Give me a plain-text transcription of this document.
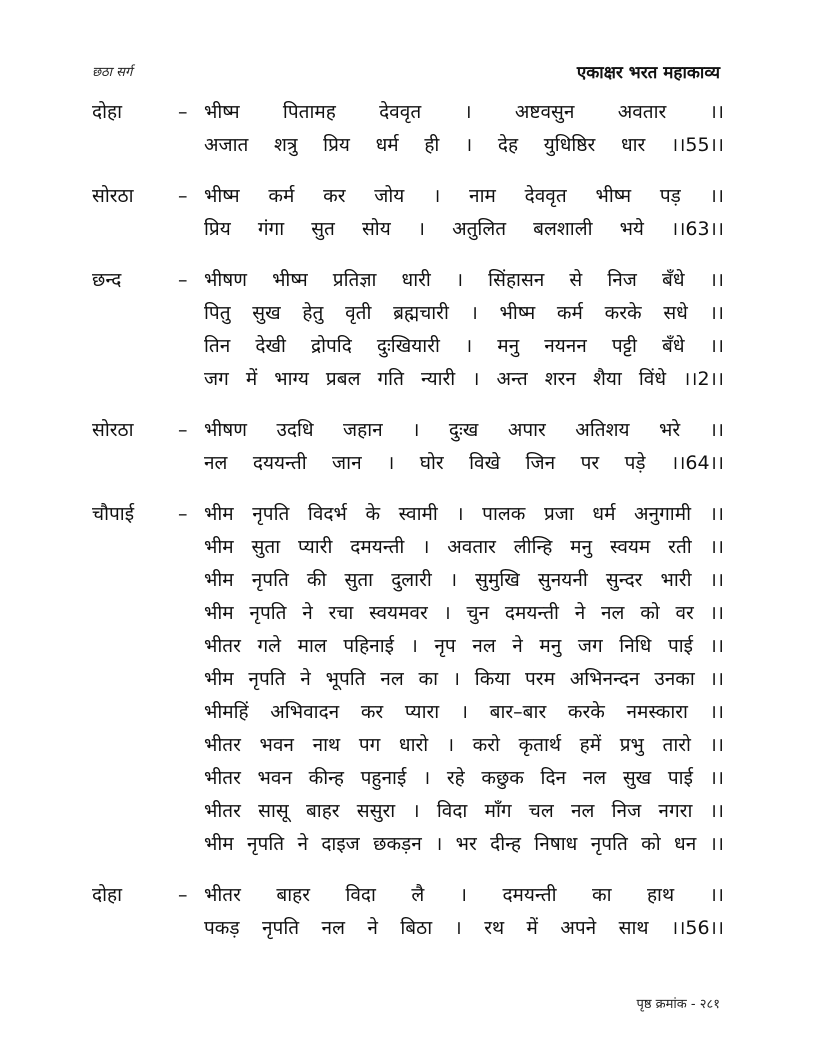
छठा सर्ग	एकाक्षर भरत महाकाव्य
दोहा	– भीष्म पितामह देववृत । अष्टवसुन अवतार ।।
अजात शत्रु प्रिय धर्म ही । देह युधिष्ठिर धार ।।55।।
सोरठा	– भीष्म कर्म कर जोय । नाम देववृत भीष्म पड़ ।।
प्रिय गंगा सुत सोय । अतुलित बलशाली भये ।।63।।
छन्द	– भीषण भीष्म प्रतिज्ञा धारी । सिंहासन से निज बँधे ।।
पितु सुख हेतु वृती ब्रह्मचारी । भीष्म कर्म करके सधे ।।
तिन देखी द्रोपदि दुःखियारी । मनु नयनन पट्टी बँधे ।।
जग में भाग्य प्रबल गति न्यारी । अन्त शरन शैया विंधे ।।2।।
सोरठा	– भीषण उदधि जहान । दुःख अपार अतिशय भरे ।।
नल दययन्ती जान । घोर विखे जिन पर पड़े ।।64।।
चौपाई	– भीम नृपति विदर्भ के स्वामी । पालक प्रजा धर्म अनुगामी ।।
भीम सुता प्यारी दमयन्ती । अवतार लीन्हि मनु स्वयम रती ।।
भीम नृपति की सुता दुलारी । सुमुखि सुनयनी सुन्दर भारी ।।
भीम नृपति ने रचा स्वयमवर । चुन दमयन्ती ने नल को वर ।।
भीतर गले माल पहिनाई । नृप नल ने मनु जग निधि पाई ।।
भीम नृपति ने भूपति नल का । किया परम अभिनन्दन उनका ।।
भीमहिं अभिवादन कर प्यारा । बार–बार करके नमस्कारा ।।
भीतर भवन नाथ पग धारो । करो कृतार्थ हमें प्रभु तारो ।।
भीतर भवन कीन्ह पहुनाई । रहे कछुक दिन नल सुख पाई ।।
भीतर सासू बाहर ससुरा । विदा माँग चल नल निज नगरा ।।
भीम नृपति ने दाइज छकड़न । भर दीन्ह निषाध नृपति को धन ।।
दोहा	– भीतर बाहर विदा लै । दमयन्ती का हाथ ।।
पकड़ नृपति नल ने बिठा । रथ में अपने साथ ।।56।।
पृष्ठ क्रमांक - २८१
